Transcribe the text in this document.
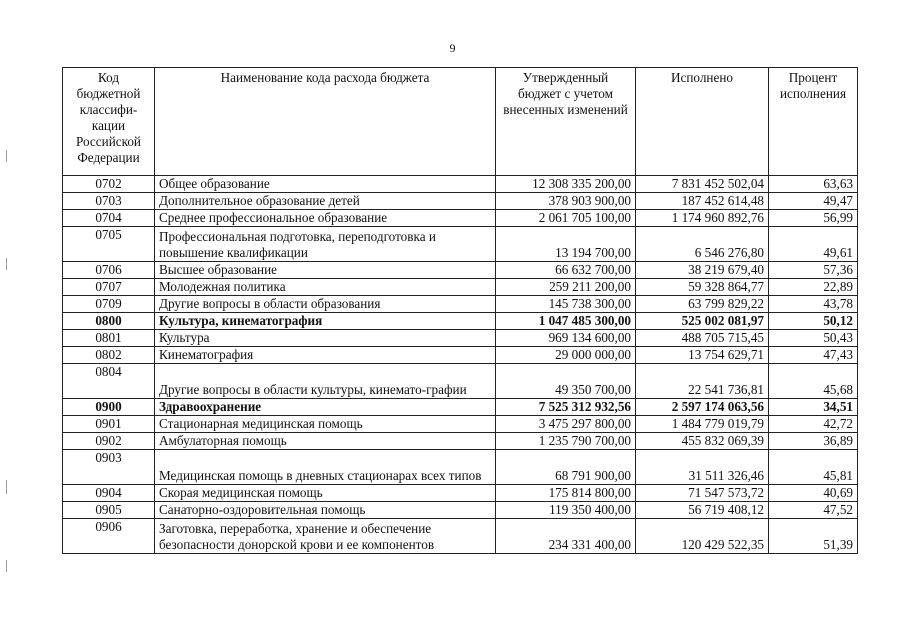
9
Код бюджетной классифи-кации Российской Федерации	Наименование кода расхода бюджета	Утвержденный бюджет с учетом внесенных изменений	Исполнено	Процент исполнения
0702	Общее образование	12 308 335 200,00	7 831 452 502,04	63,63
0703	Дополнительное образование детей	378 903 900,00	187 452 614,48	49,47
0704	Среднее профессиональное образование	2 061 705 100,00	1 174 960 892,76	56,99
0705	Профессиональная подготовка, переподготовка и повышение квалификации	13 194 700,00	6 546 276,80	49,61
0706	Высшее образование	66 632 700,00	38 219 679,40	57,36
0707	Молодежная политика	259 211 200,00	59 328 864,77	22,89
0709	Другие вопросы в области образования	145 738 300,00	63 799 829,22	43,78
0800	Культура, кинематография	1 047 485 300,00	525 002 081,97	50,12
0801	Культура	969 134 600,00	488 705 715,45	50,43
0802	Кинематография	29 000 000,00	13 754 629,71	47,43
0804	Другие вопросы в области культуры, кинемато-графии	49 350 700,00	22 541 736,81	45,68
0900	Здравоохранение	7 525 312 932,56	2 597 174 063,56	34,51
0901	Стационарная медицинская помощь	3 475 297 800,00	1 484 779 019,79	42,72
0902	Амбулаторная помощь	1 235 790 700,00	455 832 069,39	36,89
0903	Медицинская помощь в дневных стационарах всех типов	68 791 900,00	31 511 326,46	45,81
0904	Скорая медицинская помощь	175 814 800,00	71 547 573,72	40,69
0905	Санаторно-оздоровительная помощь	119 350 400,00	56 719 408,12	47,52
0906	Заготовка, переработка, хранение и обеспечение безопасности донорской крови и ее компонентов	234 331 400,00	120 429 522,35	51,39
